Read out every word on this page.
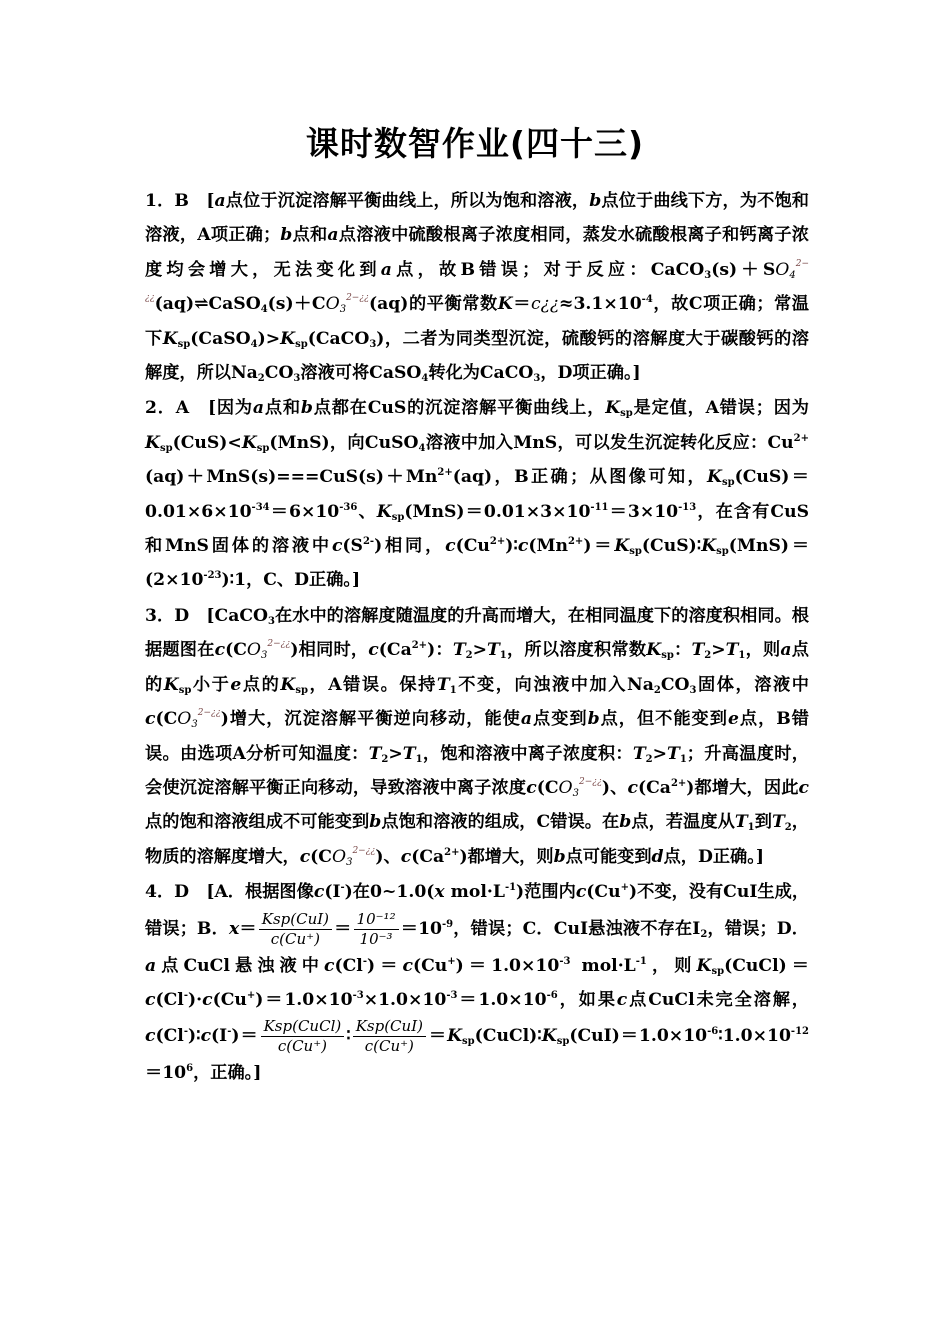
课时数智作业(四十三)
1．B　[a点位于沉淀溶解平衡曲线上，所以为饱和溶液，b点位于曲线下方，为不饱和溶液，A项正确；b点和a点溶液中硫酸根离子浓度相同，蒸发水硫酸根离子和钙离子浓度均会增大，无法变化到a点，故B错误；对于反应：$CaCO_3(s)+SO_4^{2-¿¿}(aq)\rightleftharpoons CaSO_4(s)+CO_3^{2-¿¿}(aq)$的平衡常数$K=c¿¿\approx 3.1\times 10^{-4}$，故C项正确；常温下$K_{sp}(CaSO_4)>K_{sp}(CaCO_3)$，二者为同类型沉淀，硫酸钙的溶解度大于碳酸钙的溶解度，所以$Na_2CO_3$溶液可将CaSO$_4$转化为CaCO$_3$，D项正确。]
2．A　[因为a点和b点都在CuS的沉淀溶解平衡曲线上，$K_{sp}$是定值，A错误；因为$K_{sp}(CuS)<K_{sp}(MnS)$，向CuSO$_4$溶液中加入MnS，可以发生沉淀转化反应：$Cu^{2+}(aq)+MnS(s)===CuS(s)+Mn^{2+}(aq)$，B正确；从图像可知，$K_{sp}(CuS)=0.01\times 6\times 10^{-34}=6\times 10^{-36}$、$K_{sp}(MnS)=0.01\times 3\times 10^{-11}=3\times 10^{-13}$，在含有CuS和MnS固体的溶液中$c(S^{2-})$相同，$c(Cu^{2+})∶c(Mn^{2+})=K_{sp}(CuS)∶K_{sp}(MnS)=(2\times 10^{-23})∶1$，C、D正确。]
3．D　[CaCO$_3$在水中的溶解度随温度的升高而增大，在相同温度下的溶度积相同。根据题图在$c(CO_3^{2-¿¿})$相同时，$c(Ca^{2+})$：$T_2>T_1$，所以溶度积常数$K_{sp}$：$T_2>T_1$，则a点的$K_{sp}$小于e点的$K_{sp}$，A错误。保持$T_1$不变，向浊液中加入$Na_2CO_3$固体，溶液中$c(CO_3^{2-¿¿})$增大，沉淀溶解平衡逆向移动，能使a点变到b点，但不能变到e点，B错误。由选项A分析可知温度：$T_2>T_1$，饱和溶液中离子浓度积：$T_2>T_1$；升高温度时，会使沉淀溶解平衡正向移动，导致溶液中离子浓度$c(CO_3^{2-¿¿})$、$c(Ca^{2+})$都增大，因此c点的饱和溶液组成不可能变到b点饱和溶液的组成，C错误。在b点，若温度从$T_1$到$T_2$，物质的溶解度增大，$c(CO_3^{2-¿¿})$、$c(Ca^{2+})$都增大，则b点可能变到d点，D正确。]
4．D　[A．根据图像c(I-)在0~1.0(x $mol\cdot L^{-1}$)范围内c(Cu+)不变，没有CuI生成，错误；B．$x= \frac{\text{Ksp(CuI)}}{c(Cu^+)} = \frac{\text{10⁻¹²}}{\text{10⁻³}} =10^{-9}$，错误；C．CuI悬浊液不存在$I_2$，错误；D．a点CuCl悬浊液中$c(Cl^-)=c(Cu^+)=1.0\times 10^{-3}$ $mol\cdot L^{-1}$，则$K_{sp}(CuCl)=c(Cl^-)\cdot c(Cu^+)=1.0\times 10^{-3}\times 1.0\times 10^{-3}=1.0\times 10^{-6}$，如果c点CuCl未完全溶解，c(Cl-)∶c(I-)＝ $\frac{\text{Ksp(CuCl)}}{c(Cu^+)}$ ∶ $\frac{\text{Ksp(CuI)}}{c(Cu^+)}$ $=K_{sp}(CuCl)∶K_{sp}(CuI)=1.0\times 10^{-6}∶1.0\times 10^{-12}=10^6$，正确。]
